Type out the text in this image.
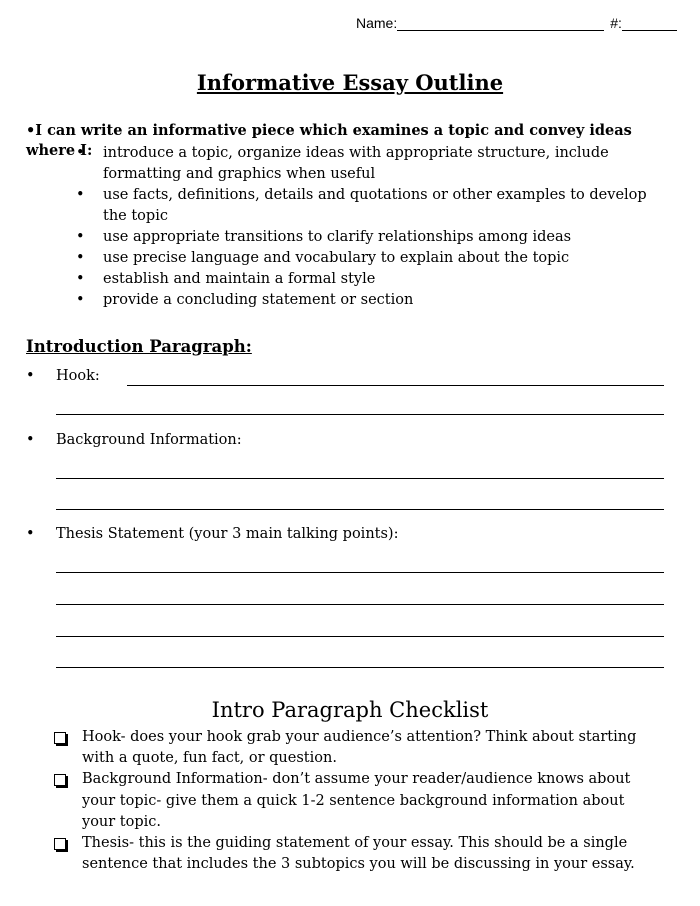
Name:	#:
Informative Essay Outline
•I can write an informative piece which examines a topic and convey ideas where I:
• introduce a topic, organize ideas with appropriate structure, include formatting and graphics when useful
• use facts, definitions, details and quotations or other examples to develop the topic
• use appropriate transitions to clarify relationships among ideas
• use precise language and vocabulary to explain about the topic
• establish and maintain a formal style
• provide a concluding statement or section
Introduction Paragraph:
• Hook:
• Background Information:
• Thesis Statement (your 3 main talking points):
Intro Paragraph Checklist
Hook- does your hook grab your audience’s attention? Think about starting with a quote, fun fact, or question.
Background Information- don’t assume your reader/audience knows about your topic- give them a quick 1-2 sentence background information about your topic.
Thesis- this is the guiding statement of your essay. This should be a single sentence that includes the 3 subtopics you will be discussing in your essay.
